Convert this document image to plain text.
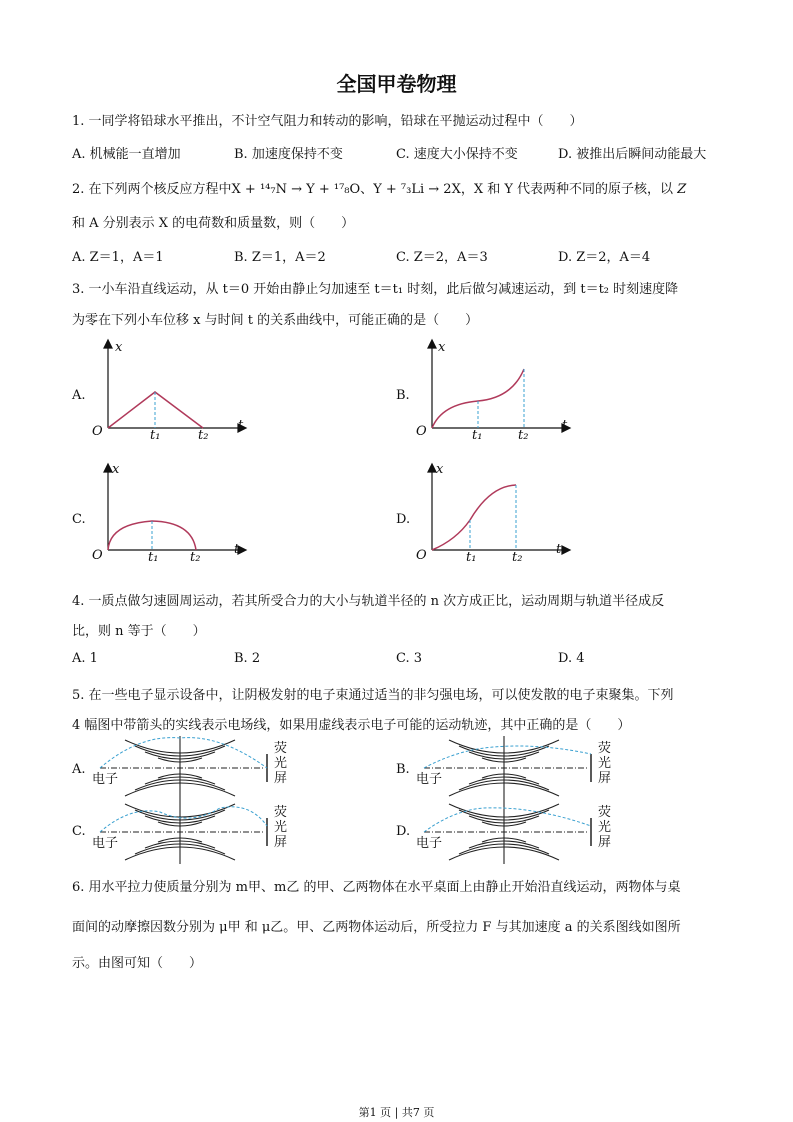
全国甲卷物理
1. 一同学将铅球水平推出，不计空气阻力和转动的影响，铅球在平抛运动过程中（　　）
A. 机械能一直增加	B. 加速度保持不变	C. 速度大小保持不变	D. 被推出后瞬间动能最大
2. 在下列两个核反应方程中X + ¹⁴₇N → Y + ¹⁷₈O、Y + ⁷₃Li → 2X，X 和 Y 代表两种不同的原子核，以 Z
和 A 分别表示 X 的电荷数和质量数，则（　　）
A. Z＝1，A＝1	B. Z＝1，A＝2	C. Z＝2，A＝3	D. Z＝2，A＝4
3. 一小车沿直线运动，从 t＝0 开始由静止匀加速至 t＝t₁ 时刻，此后做匀减速运动，到 t＝t₂ 时刻速度降
为零在下列小车位移 x 与时间 t 的关系曲线中，可能正确的是（　　）
A.
x
O	t₁	t₂
t
B.
x
O	t₁	t₂
t
C.
x
O	t₁ t₂
t
D.
x
O	t₁	t₂
t
4. 一质点做匀速圆周运动，若其所受合力的大小与轨道半径的 n 次方成正比，运动周期与轨道半径成反
比，则 n 等于（　　）
A. 1	B. 2	C. 3	D. 4
5. 在一些电子显示设备中，让阴极发射的电子束通过适当的非匀强电场，可以使发散的电子束聚集。下列
4 幅图中带箭头的实线表示电场线，如果用虚线表示电子可能的运动轨迹，其中正确的是（　　）
A.
电子
荧
光
屏
B.
电子
荧
光
屏
C.
电子
荧
光
屏
D.
电子
荧
光
屏
6. 用水平拉力使质量分别为 m甲、m乙 的甲、乙两物体在水平桌面上由静止开始沿直线运动，两物体与桌
面间的动摩擦因数分别为 μ甲 和 μ乙。甲、乙两物体运动后，所受拉力 F 与其加速度 a 的关系图线如图所
示。由图可知（　　）
第1 页 | 共7 页
